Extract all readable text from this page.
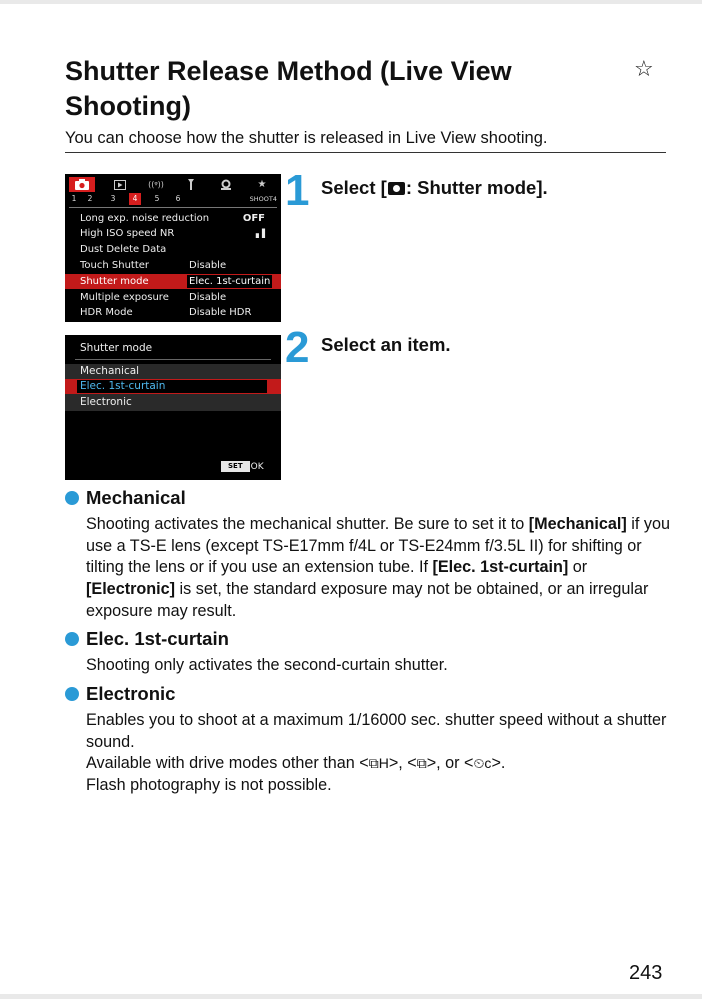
Shutter Release Method (Live View Shooting)
☆
You can choose how the shutter is released in Live View shooting.
((ᵠ))	★
1	2	3	4	5	6	SHOOT4
Long exp. noise reduction	OFF
High ISO speed NR	▗▐
Dust Delete Data
Touch Shutter	Disable
Shutter mode	Elec. 1st-curtain
Multiple exposure Disable
HDR Mode	Disable HDR
1 Select [ : Shutter mode].
Shutter mode
Mechanical
Elec. 1st-curtain
Electronic
SET OK
2 Select an item.
Mechanical
Shooting activates the mechanical shutter. Be sure to set it to [Mechanical] if you use a TS-E lens (except TS-E17mm f/4L or TS-E24mm f/3.5L II) for shifting or tilting the lens or if you use an extension tube. If [Elec. 1st-curtain] or [Electronic] is set, the standard exposure may not be obtained, or an irregular exposure may result.
Elec. 1st-curtain
Shooting only activates the second-curtain shutter.
Electronic
Enables you to shoot at a maximum 1/16000 sec. shutter speed without a shutter sound.
Available with drive modes other than <⧉H>, <⧉>, or <⏲c>.
Flash photography is not possible.
243
